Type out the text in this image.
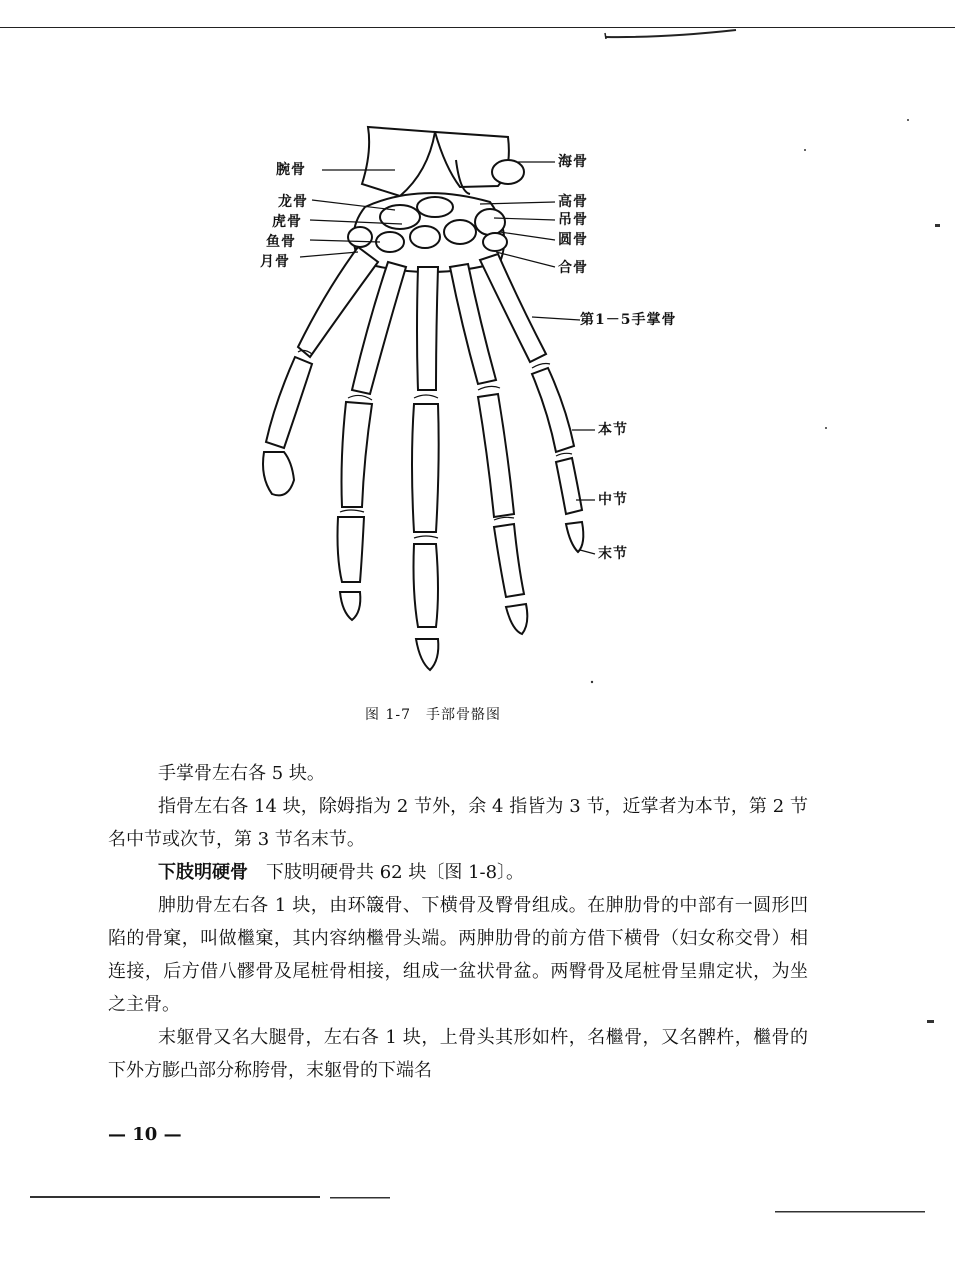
腕骨
龙骨
虎骨
鱼骨
月骨
海骨
高骨
吊骨
圆骨
合骨
第1－5手掌骨
本节
中节
末节
图 1-7　手部骨骼图

手掌骨左右各 5 块。

指骨左右各 14 块，除姆指为 2 节外，余 4 指皆为 3 节，近掌者为本节，第 2 节名中节或次节，第 3 节名末节。

下肢明硬骨 下肢明硬骨共 62 块〔图 1-8〕。

胂肋骨左右各 1 块，由环簚骨、下横骨及臀骨组成。在胂肋骨的中部有一圆形凹陷的骨窠，叫做檵窠，其内容纳檵骨头端。两胂肋骨的前方借下横骨（妇女称交骨）相连接，后方借八髎骨及尾桩骨相接，组成一盆状骨盆。两臀骨及尾桩骨呈鼎定状，为坐之主骨。

末躯骨又名大腿骨，左右各 1 块，上骨头其形如杵，名檵骨，又名髀杵，檵骨的下外方膨凸部分称胯骨，末躯骨的下端名

— 10 —
